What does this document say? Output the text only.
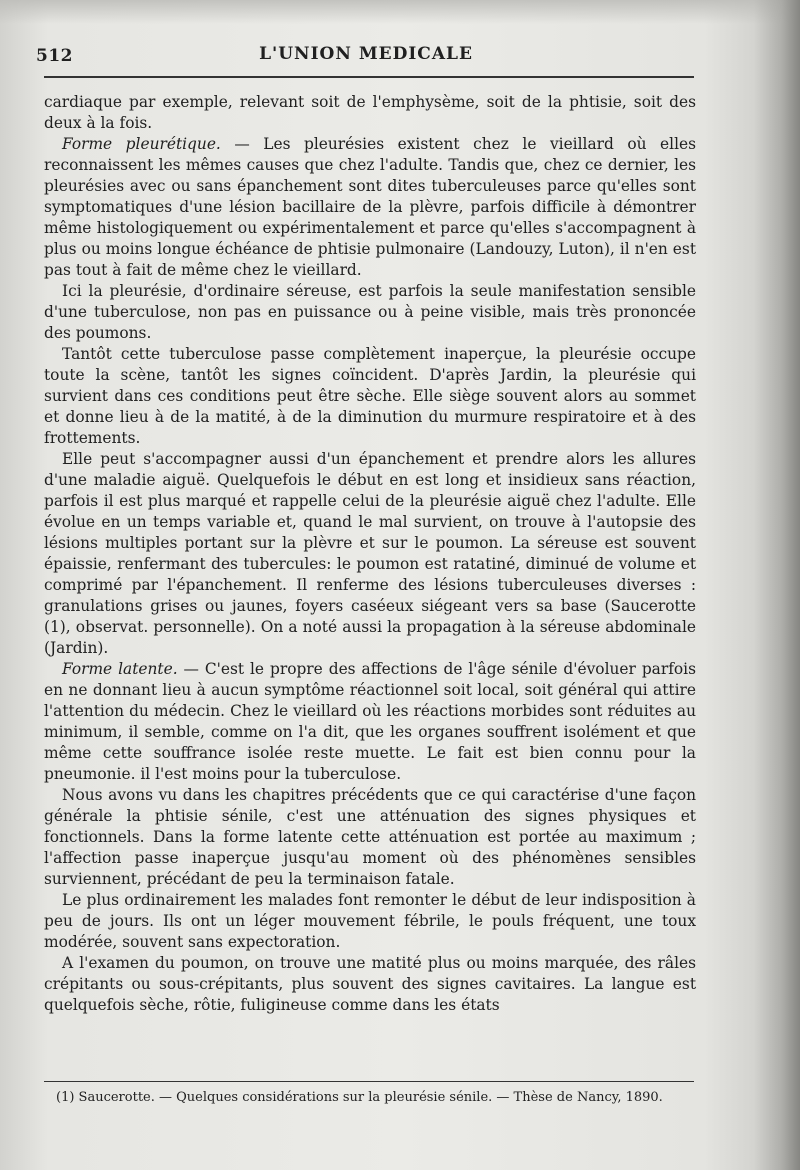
512	L'UNION MEDICALE

cardiaque par exemple, relevant soit de l'emphysème, soit de la phtisie, soit des deux à la fois.

Forme pleurétique. — Les pleurésies existent chez le vieillard où elles reconnaissent les mêmes causes que chez l'adulte. Tandis que, chez ce dernier, les pleurésies avec ou sans épanchement sont dites tuberculeuses parce qu'elles sont symptomatiques d'une lésion bacillaire de la plèvre, parfois difficile à démontrer même histologiquement ou expérimentalement et parce qu'elles s'accompagnent à plus ou moins longue échéance de phtisie pulmonaire (Landouzy, Luton), il n'en est pas tout à fait de même chez le vieillard.

Ici la pleurésie, d'ordinaire séreuse, est parfois la seule manifestation sensible d'une tuberculose, non pas en puissance ou à peine visible, mais très prononcée des poumons.

Tantôt cette tuberculose passe complètement inaperçue, la pleurésie occupe toute la scène, tantôt les signes coïncident. D'après Jardin, la pleurésie qui survient dans ces conditions peut être sèche. Elle siège souvent alors au sommet et donne lieu à de la matité, à de la diminution du murmure respiratoire et à des frottements.

Elle peut s'accompagner aussi d'un épanchement et prendre alors les allures d'une maladie aiguë. Quelquefois le début en est long et insidieux sans réaction, parfois il est plus marqué et rappelle celui de la pleurésie aiguë chez l'adulte. Elle évolue en un temps variable et, quand le mal survient, on trouve à l'autopsie des lésions multiples portant sur la plèvre et sur le poumon. La séreuse est souvent épaissie, renfermant des tubercules: le poumon est ratatiné, diminué de volume et comprimé par l'épanchement. Il renferme des lésions tuberculeuses diverses : granulations grises ou jaunes, foyers caséeux siégeant vers sa base (Saucerotte (1), observat. personnelle). On a noté aussi la propagation à la séreuse abdominale (Jardin).

Forme latente. — C'est le propre des affections de l'âge sénile d'évoluer parfois en ne donnant lieu à aucun symptôme réactionnel soit local, soit général qui attire l'attention du médecin. Chez le vieillard où les réactions morbides sont réduites au minimum, il semble, comme on l'a dit, que les organes souffrent isolément et que même cette souffrance isolée reste muette. Le fait est bien connu pour la pneumonie. il l'est moins pour la tuberculose.

Nous avons vu dans les chapitres précédents que ce qui caractérise d'une façon générale la phtisie sénile, c'est une atténuation des signes physiques et fonctionnels. Dans la forme latente cette atténuation est portée au maximum ; l'affection passe inaperçue jusqu'au moment où des phénomènes sensibles surviennent, précédant de peu la terminaison fatale.

Le plus ordinairement les malades font remonter le début de leur indisposition à peu de jours. Ils ont un léger mouvement fébrile, le pouls fréquent, une toux modérée, souvent sans expectoration.

A l'examen du poumon, on trouve une matité plus ou moins marquée, des râles crépitants ou sous-crépitants, plus souvent des signes cavitaires. La langue est quelquefois sèche, rôtie, fuligineuse comme dans les états

(1) Saucerotte. — Quelques considérations sur la pleurésie sénile. — Thèse de Nancy, 1890.
